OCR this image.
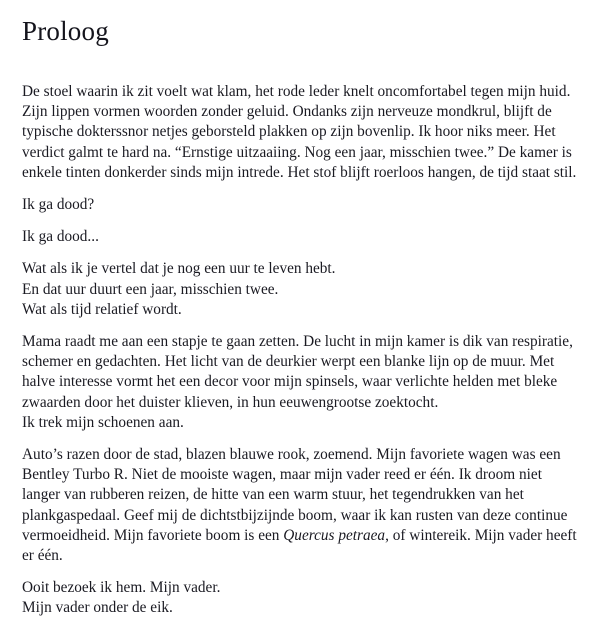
Proloog

De stoel waarin ik zit voelt wat klam, het rode leder knelt oncomfortabel tegen mijn huid. Zijn lippen vormen woorden zonder geluid. Ondanks zijn nerveuze mondkrul, blijft de typische dokterssnor netjes geborsteld plakken op zijn bovenlip. Ik hoor niks meer. Het verdict galmt te hard na. “Ernstige uitzaaiing. Nog een jaar, misschien twee.” De kamer is enkele tinten donkerder sinds mijn intrede. Het stof blijft roerloos hangen, de tijd staat stil.

Ik ga dood?

Ik ga dood...

Wat als ik je vertel dat je nog een uur te leven hebt.
En dat uur duurt een jaar, misschien twee.
Wat als tijd relatief wordt.

Mama raadt me aan een stapje te gaan zetten. De lucht in mijn kamer is dik van respiratie, schemer en gedachten. Het licht van de deurkier werpt een blanke lijn op de muur. Met halve interesse vormt het een decor voor mijn spinsels, waar verlichte helden met bleke zwaarden door het duister klieven, in hun eeuwengrootse zoektocht.
Ik trek mijn schoenen aan.

Auto’s razen door de stad, blazen blauwe rook, zoemend. Mijn favoriete wagen was een Bentley Turbo R. Niet de mooiste wagen, maar mijn vader reed er één. Ik droom niet langer van rubberen reizen, de hitte van een warm stuur, het tegendrukken van het plankgaspedaal. Geef mij de dichtstbijzijnde boom, waar ik kan rusten van deze continue vermoeidheid. Mijn favoriete boom is een Quercus petraea, of wintereik. Mijn vader heeft er één.

Ooit bezoek ik hem. Mijn vader.
Mijn vader onder de eik.
